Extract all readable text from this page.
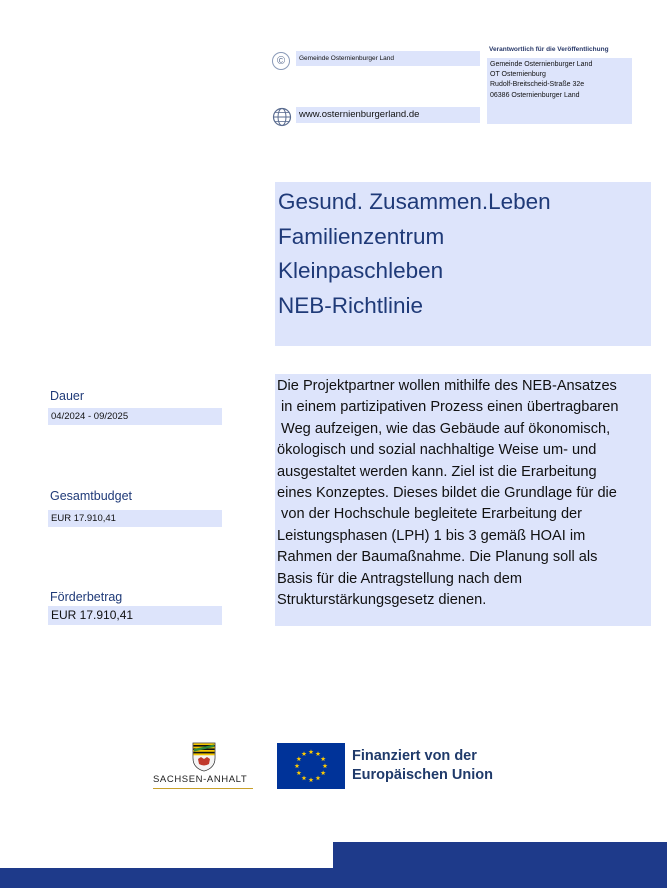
©	Gemeinde Osternienburger Land
Verantwortlich für die Veröffentlichung
Gemeinde Osternienburger Land
OT Osternienburg
Rudolf-Breitscheid-Straße 32e
06386 Osternienburger Land
www.osternienburgerland.de
Gesund. Zusammen.Leben
Familienzentrum
Kleinpaschleben
NEB-Richtlinie
Dauer
04/2024 - 09/2025
Gesamtbudget
EUR 17.910,41
Förderbetrag
EUR 17.910,41
Die Projektpartner wollen mithilfe des NEB-Ansatzes
in einem partizipativen Prozess einen übertragbaren
Weg aufzeigen, wie das Gebäude auf ökonomisch,
ökologisch und sozial nachhaltige Weise um- und
ausgestaltet werden kann. Ziel ist die Erarbeitung
eines Konzeptes. Dieses bildet die Grundlage für die
von der Hochschule begleitete Erarbeitung der
Leistungsphasen (LPH) 1 bis 3 gemäß HOAI im
Rahmen der Baumaßnahme. Die Planung soll als
Basis für die Antragstellung nach dem
Strukturstärkungsgesetz dienen.
SACHSEN-ANHALT
Finanziert von der
Europäischen Union
